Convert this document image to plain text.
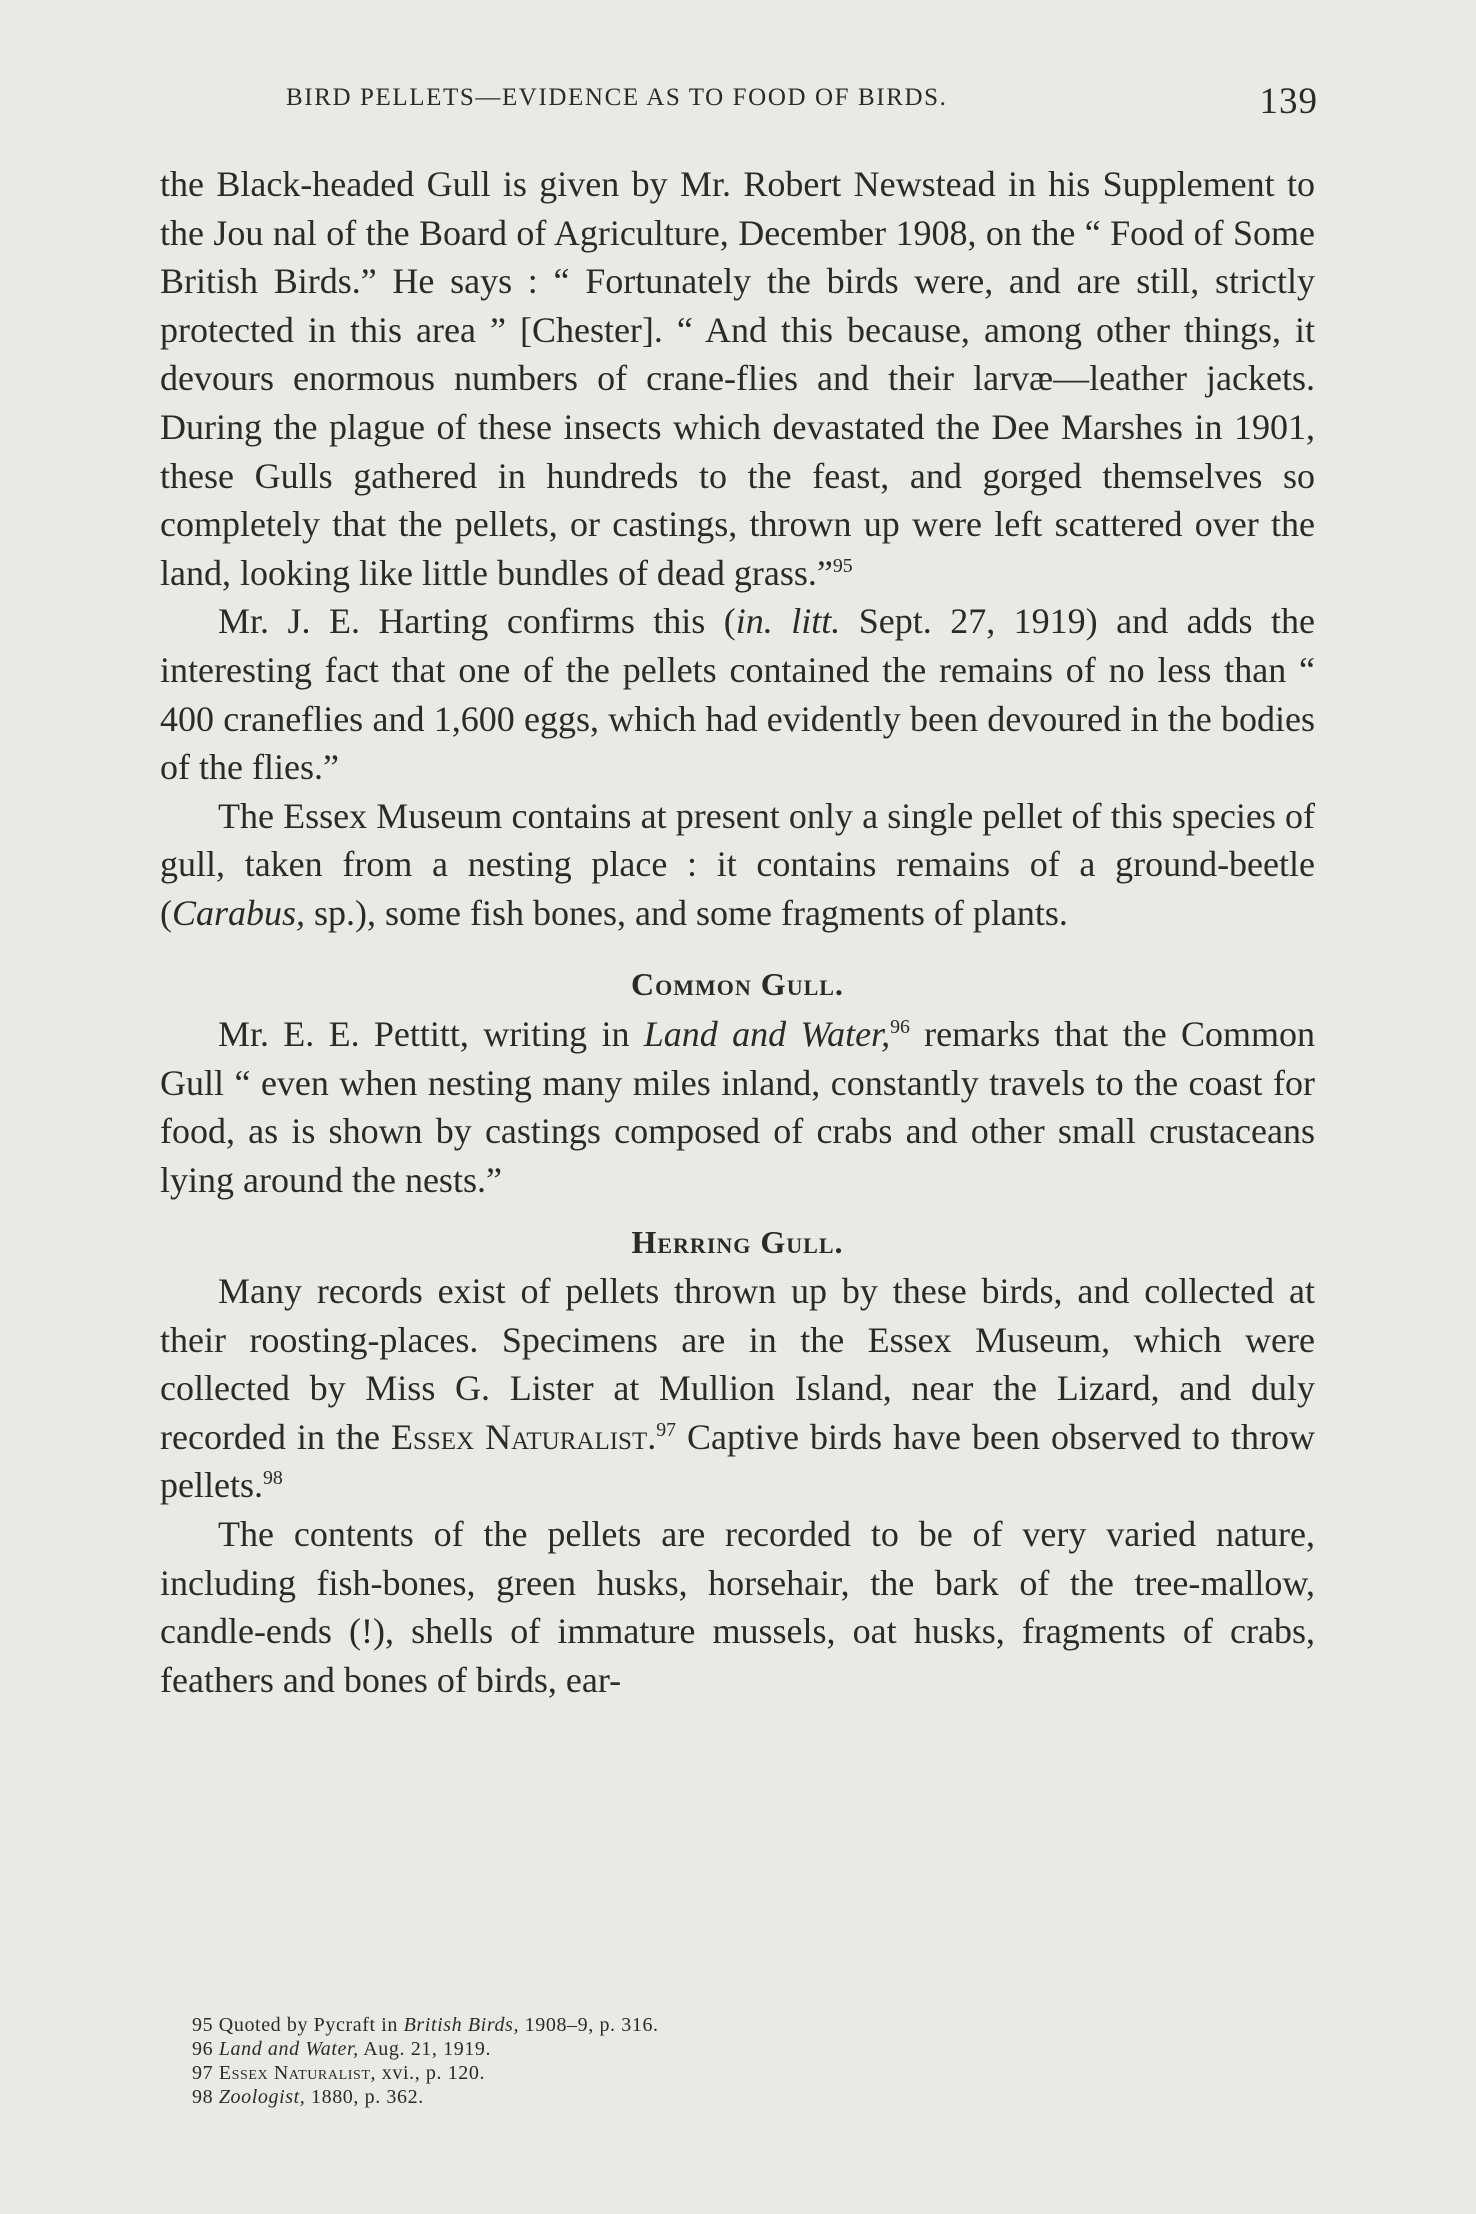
BIRD PELLETS—EVIDENCE AS TO FOOD OF BIRDS.	139

the Black-headed Gull is given by Mr. Robert Newstead in his Supplement to the Jou nal of the Board of Agriculture, December 1908, on the “ Food of Some British Birds.” He says : “ Fortunately the birds were, and are still, strictly protected in this area ” [Chester]. “ And this because, among other things, it devours enormous numbers of crane-flies and their larvæ—leather jackets. During the plague of these insects which devastated the Dee Marshes in 1901, these Gulls gathered in hundreds to the feast, and gorged themselves so completely that the pellets, or castings, thrown up were left scattered over the land, looking like little bundles of dead grass.”$^{95}$

Mr. J. E. Harting confirms this (in. litt. Sept. 27, 1919) and adds the interesting fact that one of the pellets contained the remains of no less than “ 400 craneflies and 1,600 eggs, which had evidently been devoured in the bodies of the flies.”

The Essex Museum contains at present only a single pellet of this species of gull, taken from a nesting place : it contains remains of a ground-beetle (Carabus, sp.), some fish bones, and some fragments of plants.

Common Gull.

Mr. E. E. Pettitt, writing in Land and Water,$^{96}$ remarks that the Common Gull “ even when nesting many miles inland, constantly travels to the coast for food, as is shown by castings composed of crabs and other small crustaceans lying around the nests.”

Herring Gull.

Many records exist of pellets thrown up by these birds, and collected at their roosting-places. Specimens are in the Essex Museum, which were collected by Miss G. Lister at Mullion Island, near the Lizard, and duly recorded in the Essex Naturalist.$^{97}$ Captive birds have been observed to throw pellets.$^{98}$

The contents of the pellets are recorded to be of very varied nature, including fish-bones, green husks, horsehair, the bark of the tree-mallow, candle-ends (!), shells of immature mussels, oat husks, fragments of crabs, feathers and bones of birds, ear-

95 Quoted by Pycraft in British Birds, 1908–9, p. 316.

96 Land and Water, Aug. 21, 1919.

97 Essex Naturalist, xvi., p. 120.

98 Zoologist, 1880, p. 362.
